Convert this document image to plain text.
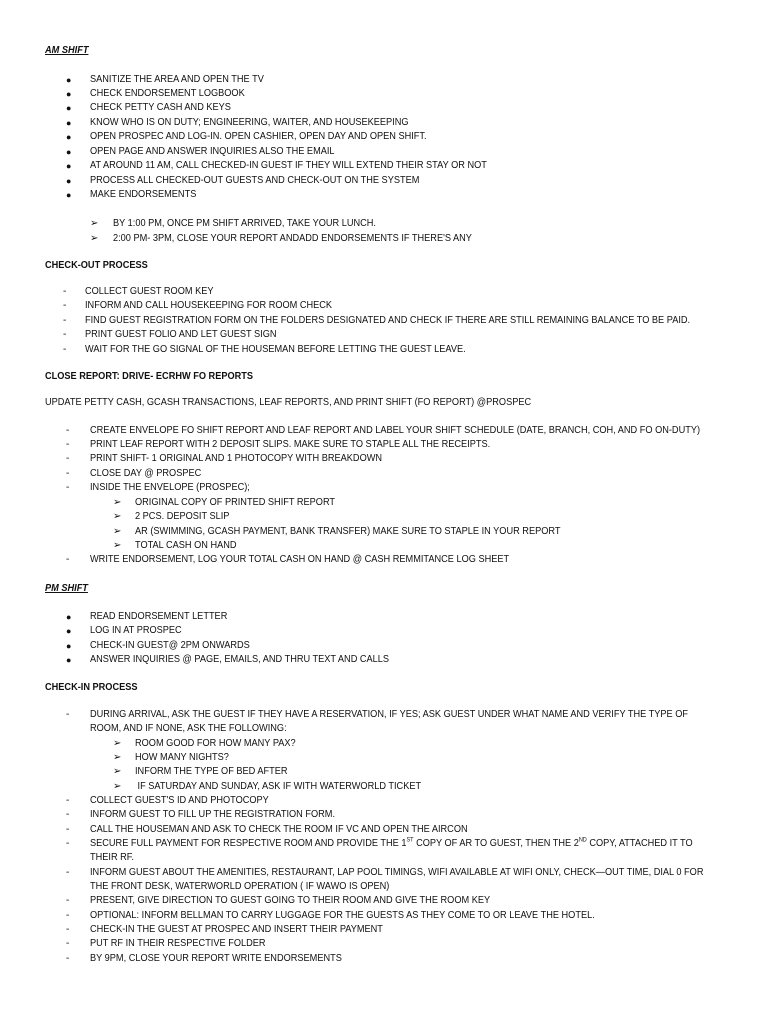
AM SHIFT
● SANITIZE THE AREA AND OPEN THE TV
● CHECK ENDORSEMENT LOGBOOK
● CHECK PETTY CASH AND KEYS
● KNOW WHO IS ON DUTY; ENGINEERING, WAITER, AND HOUSEKEEPING
● OPEN PROSPEC AND LOG-IN. OPEN CASHIER, OPEN DAY AND OPEN SHIFT.
● OPEN PAGE AND ANSWER INQUIRIES ALSO THE EMAIL
● AT AROUND 11 AM, CALL CHECKED-IN GUEST IF THEY WILL EXTEND THEIR STAY OR NOT
● PROCESS ALL CHECKED-OUT GUESTS AND CHECK-OUT ON THE SYSTEM
● MAKE ENDORSEMENTS
➢ BY 1:00 PM, ONCE PM SHIFT ARRIVED, TAKE YOUR LUNCH.
➢ 2:00 PM- 3PM, CLOSE YOUR REPORT ANDADD ENDORSEMENTS IF THERE'S ANY
CHECK-OUT PROCESS
- COLLECT GUEST ROOM KEY
- INFORM AND CALL HOUSEKEEPING FOR ROOM CHECK
- FIND GUEST REGISTRATION FORM ON THE FOLDERS DESIGNATED AND CHECK IF THERE ARE STILL REMAINING BALANCE TO BE PAID.
- PRINT GUEST FOLIO AND LET GUEST SIGN
- WAIT FOR THE GO SIGNAL OF THE HOUSEMAN BEFORE LETTING THE GUEST LEAVE.
CLOSE REPORT: DRIVE- ECRHW FO REPORTS
UPDATE PETTY CASH, GCASH TRANSACTIONS, LEAF REPORTS, AND PRINT SHIFT (FO REPORT) @PROSPEC
- CREATE ENVELOPE FO SHIFT REPORT AND LEAF REPORT AND LABEL YOUR SHIFT SCHEDULE (DATE, BRANCH, COH, AND FO ON-DUTY)
- PRINT LEAF REPORT WITH 2 DEPOSIT SLIPS. MAKE SURE TO STAPLE ALL THE RECEIPTS.
- PRINT SHIFT- 1 ORIGINAL AND 1 PHOTOCOPY WITH BREAKDOWN
- CLOSE DAY @ PROSPEC
- INSIDE THE ENVELOPE (PROSPEC);
➢ ORIGINAL COPY OF PRINTED SHIFT REPORT
➢ 2 PCS. DEPOSIT SLIP
➢ AR (SWIMMING, GCASH PAYMENT, BANK TRANSFER) MAKE SURE TO STAPLE IN YOUR REPORT
➢ TOTAL CASH ON HAND
- WRITE ENDORSEMENT, LOG YOUR TOTAL CASH ON HAND @ CASH REMMITANCE LOG SHEET
PM SHIFT
● READ ENDORSEMENT LETTER
● LOG IN AT PROSPEC
● CHECK-IN GUEST@ 2PM ONWARDS
● ANSWER INQUIRIES @ PAGE, EMAILS, AND THRU TEXT AND CALLS
CHECK-IN PROCESS
- DURING ARRIVAL, ASK THE GUEST IF THEY HAVE A RESERVATION, IF YES; ASK GUEST UNDER WHAT NAME AND VERIFY THE TYPE OF
ROOM, AND IF NONE, ASK THE FOLLOWING:
➢ ROOM GOOD FOR HOW MANY PAX?
➢ HOW MANY NIGHTS?
➢ INFORM THE TYPE OF BED AFTER
➢ IF SATURDAY AND SUNDAY, ASK IF WITH WATERWORLD TICKET
- COLLECT GUEST'S ID AND PHOTOCOPY
- INFORM GUEST TO FILL UP THE REGISTRATION FORM.
- CALL THE HOUSEMAN AND ASK TO CHECK THE ROOM IF VC AND OPEN THE AIRCON
- SECURE FULL PAYMENT FOR RESPECTIVE ROOM AND PROVIDE THE 1ST COPY OF AR TO GUEST, THEN THE 2ND COPY, ATTACHED IT TO
THEIR RF.
- INFORM GUEST ABOUT THE AMENITIES, RESTAURANT, LAP POOL TIMINGS, WIFI AVAILABLE AT WIFI ONLY, CHECK—OUT TIME, DIAL 0 FOR
THE FRONT DESK, WATERWORLD OPERATION ( IF WAWO IS OPEN)
- PRESENT, GIVE DIRECTION TO GUEST GOING TO THEIR ROOM AND GIVE THE ROOM KEY
- OPTIONAL: INFORM BELLMAN TO CARRY LUGGAGE FOR THE GUESTS AS THEY COME TO OR LEAVE THE HOTEL.
- CHECK-IN THE GUEST AT PROSPEC AND INSERT THEIR PAYMENT
- PUT RF IN THEIR RESPECTIVE FOLDER
- BY 9PM, CLOSE YOUR REPORT WRITE ENDORSEMENTS
